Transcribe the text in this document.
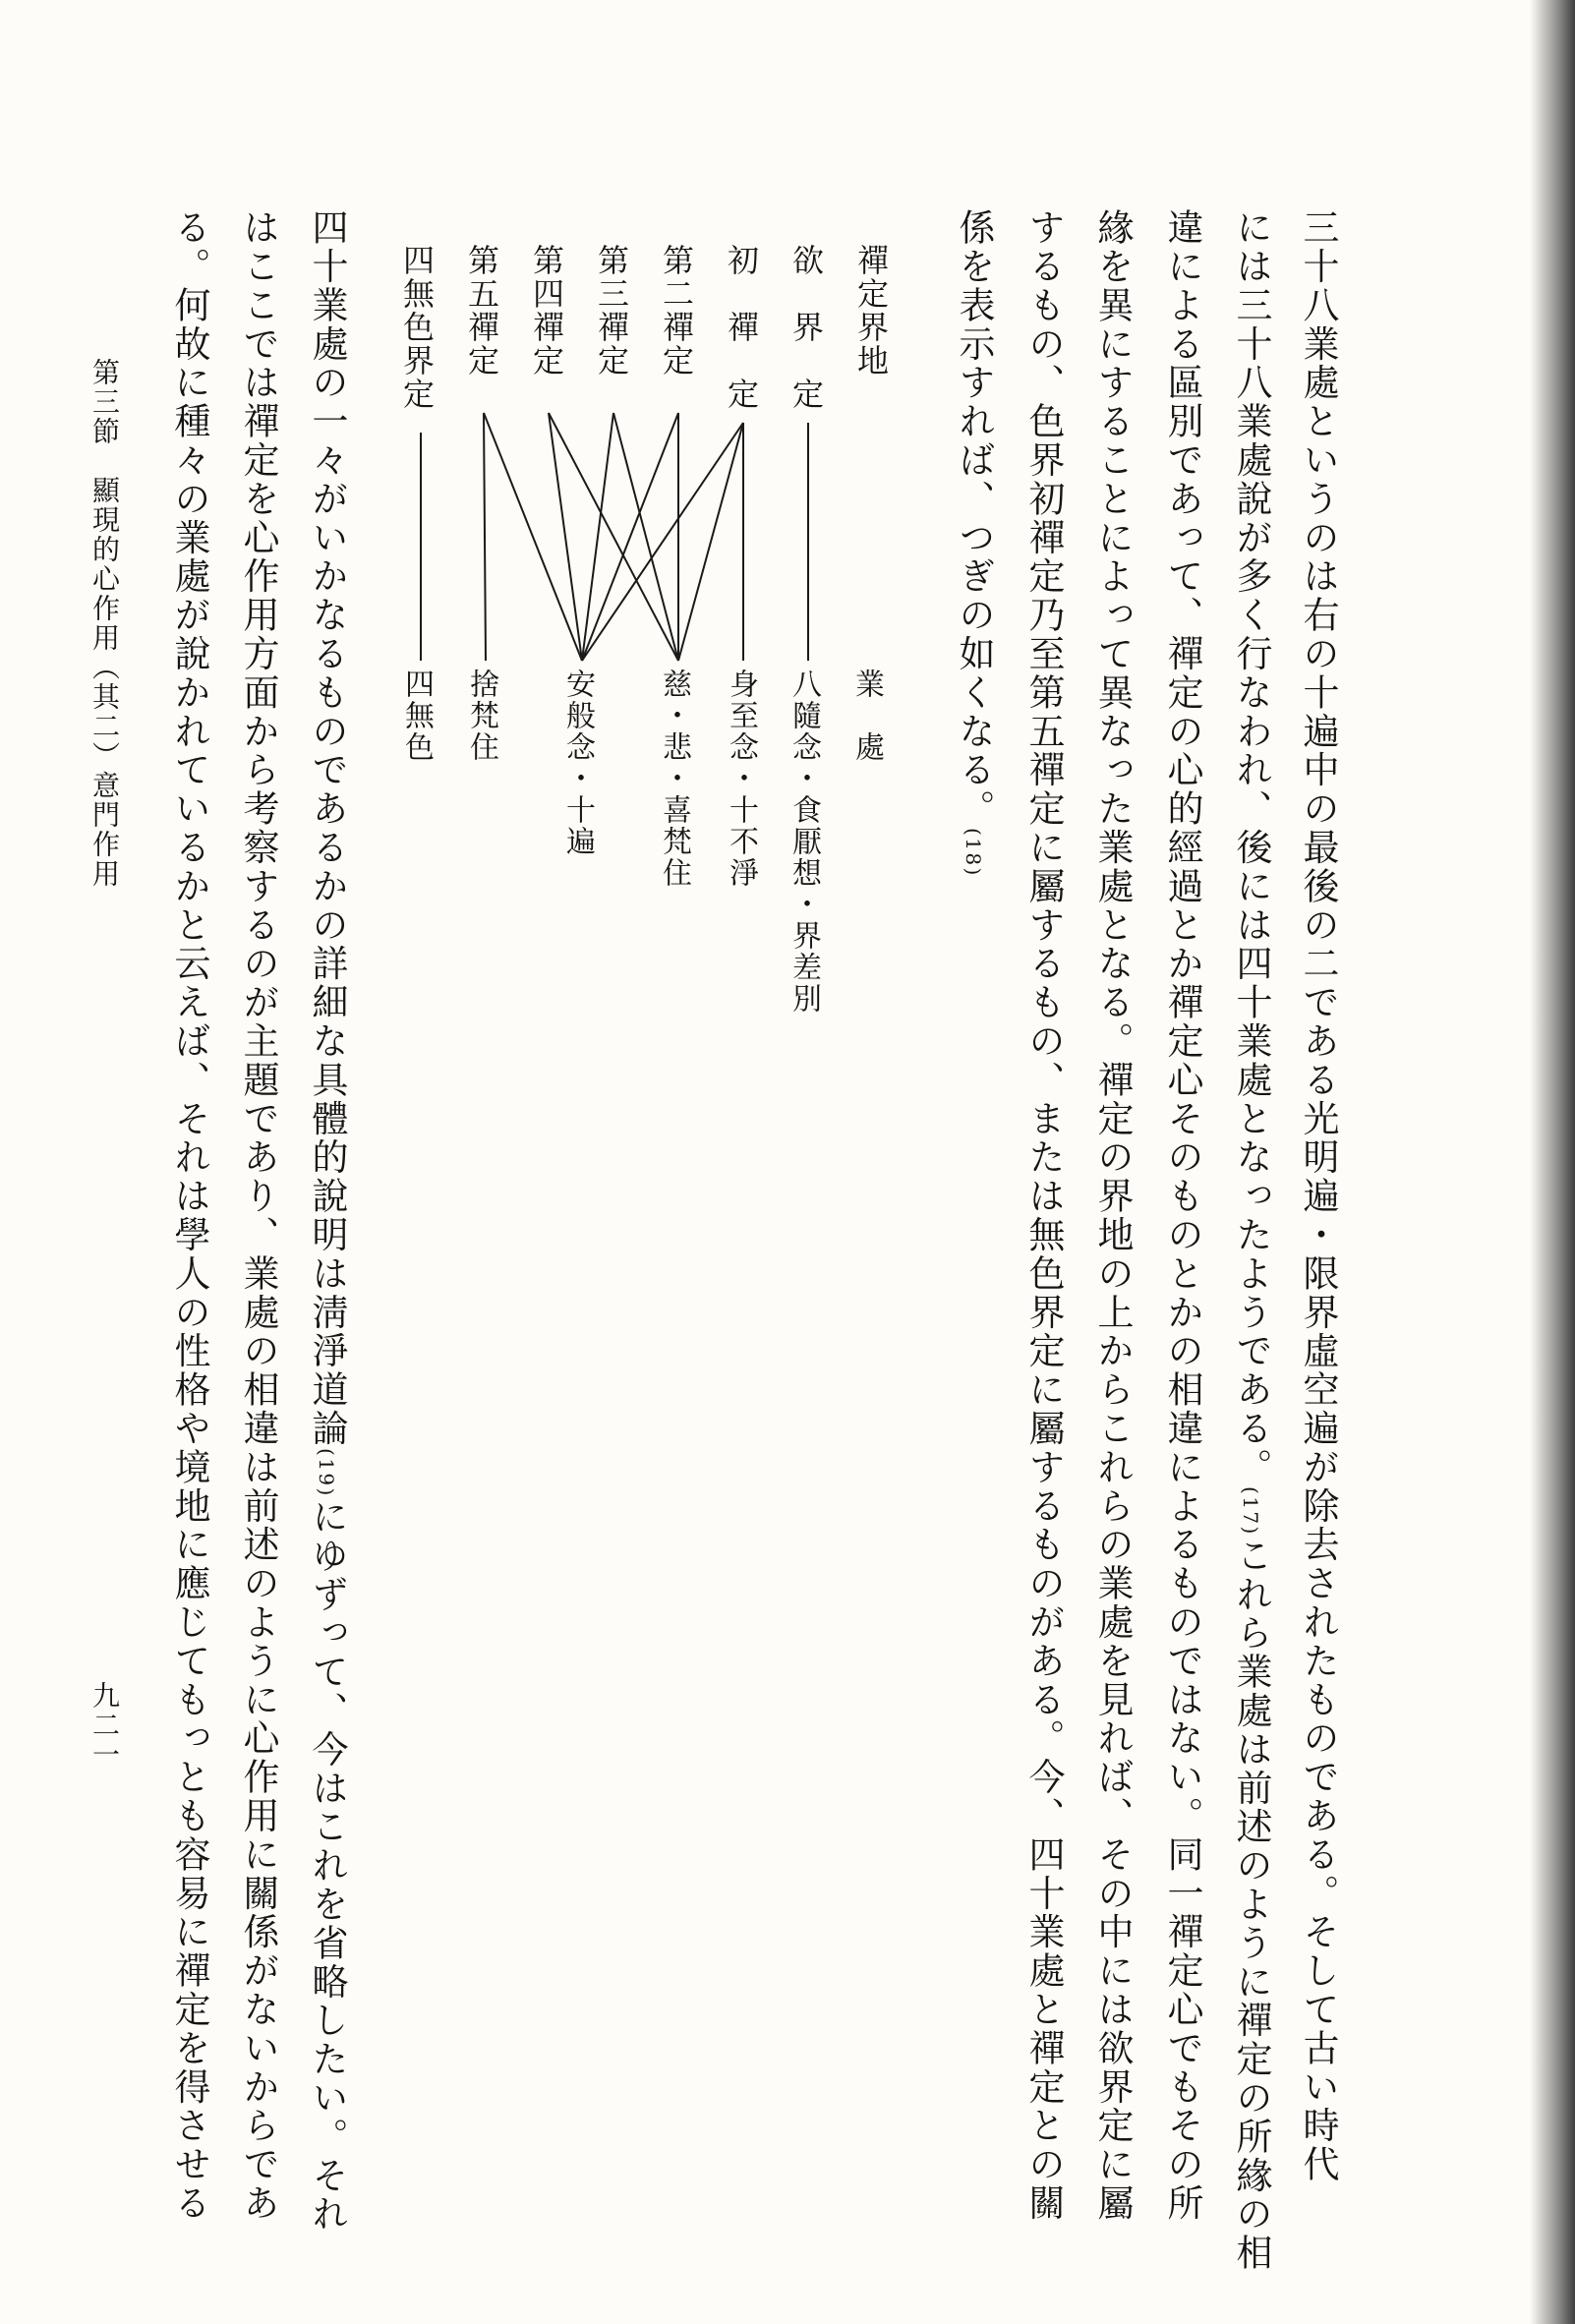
三十八業處というのは右の十遍中の最後の二である光明遍・限界虛空遍が除去されたものである。そして古い時代
には三十八業處說が多く行なわれ、後には四十業處となったようである。(17)これら業處は前述のように禪定の所緣の相
違による區別であって、禪定の心的經過とか禪定心そのものとかの相違によるものではない。同一禪定心でもその所
緣を異にすることによって異なった業處となる。禪定の界地の上からこれらの業處を見れば、その中には欲界定に屬
するもの、色界初禪定乃至第五禪定に屬するもの、または無色界定に屬するものがある。今、四十業處と禪定との關
係を表示すれば、つぎの如くなる。(18)
禪定界地
欲　界　定
初　禪　定
第二禪定
第三禪定
第四禪定
第五禪定
四無色界定
業　處
八隨念・食厭想・界差別
身至念・十不淨
慈・悲・喜梵住
安般念・十遍
捨梵住
四無色
四十業處の一々がいかなるものであるかの詳細な具體的說明は淸淨道論(19)にゆずって、今はこれを省略したい。それ
はここでは禪定を心作用方面から考察するのが主題であり、業處の相違は前述のように心作用に關係がないからであ
る。何故に種々の業處が說かれているかと云えば、それは學人の性格や境地に應じてもっとも容易に禪定を得させる
第三節　顯現的心作用（其二）意門作用
九二一
